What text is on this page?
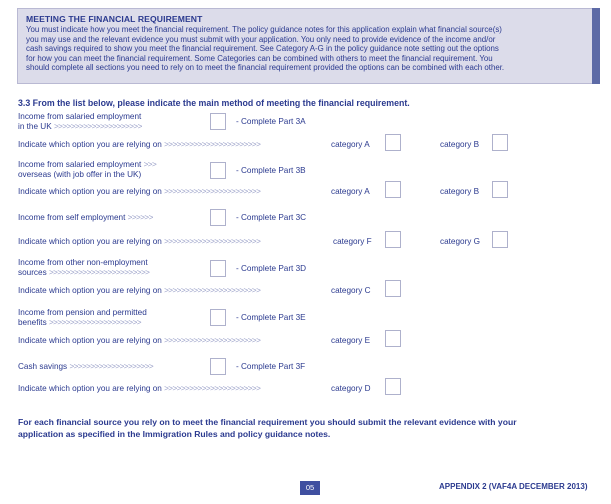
MEETING THE FINANCIAL REQUIREMENT
You must indicate how you meet the financial requirement. The policy guidance notes for this application explain what financial source(s)
you may use and the relevant evidence you must submit with your application. You only need to provide evidence of the income and/or
cash savings required to show you meet the financial requirement. See Category A-G in the policy guidance note setting out the options
for how you can meet the financial requirement. Some Categories can be combined with others to meet the financial requirement. You
should complete all sections you need to rely on to meet the financial requirement provided the options can be combined with each other.
3.3 From the list below, please indicate the main method of meeting the financial requirement.
Income from salaried employment
in the UK >>>>>>>>>>>>>>>>>>>>>
- Complete Part 3A
Indicate which option you are relying on >>>>>>>>>>>>>>>>>>>>>>>	category A	category B
Income from salaried employment >>>
overseas (with job offer in the UK)	- Complete Part 3B
Indicate which option you are relying on >>>>>>>>>>>>>>>>>>>>>>>	category A	category B
Income from self employment >>>>>>	- Complete Part 3C
Indicate which option you are relying on >>>>>>>>>>>>>>>>>>>>>>>	category F	category G
Income from other non-employment
sources >>>>>>>>>>>>>>>>>>>>>>>>	- Complete Part 3D
Indicate which option you are relying on >>>>>>>>>>>>>>>>>>>>>>>	category C
Income from pension and permitted
benefits >>>>>>>>>>>>>>>>>>>>>>
- Complete Part 3E
Indicate which option you are relying on >>>>>>>>>>>>>>>>>>>>>>>	category E
Cash savings >>>>>>>>>>>>>>>>>>>>	- Complete Part 3F
Indicate which option you are relying on >>>>>>>>>>>>>>>>>>>>>>>	category D
For each financial source you rely on to meet the financial requirement you should submit the relevant evidence with your
application as specified in the Immigration Rules and policy guidance notes.
05	APPENDIX 2 (VAF4A DECEMBER 2013)
